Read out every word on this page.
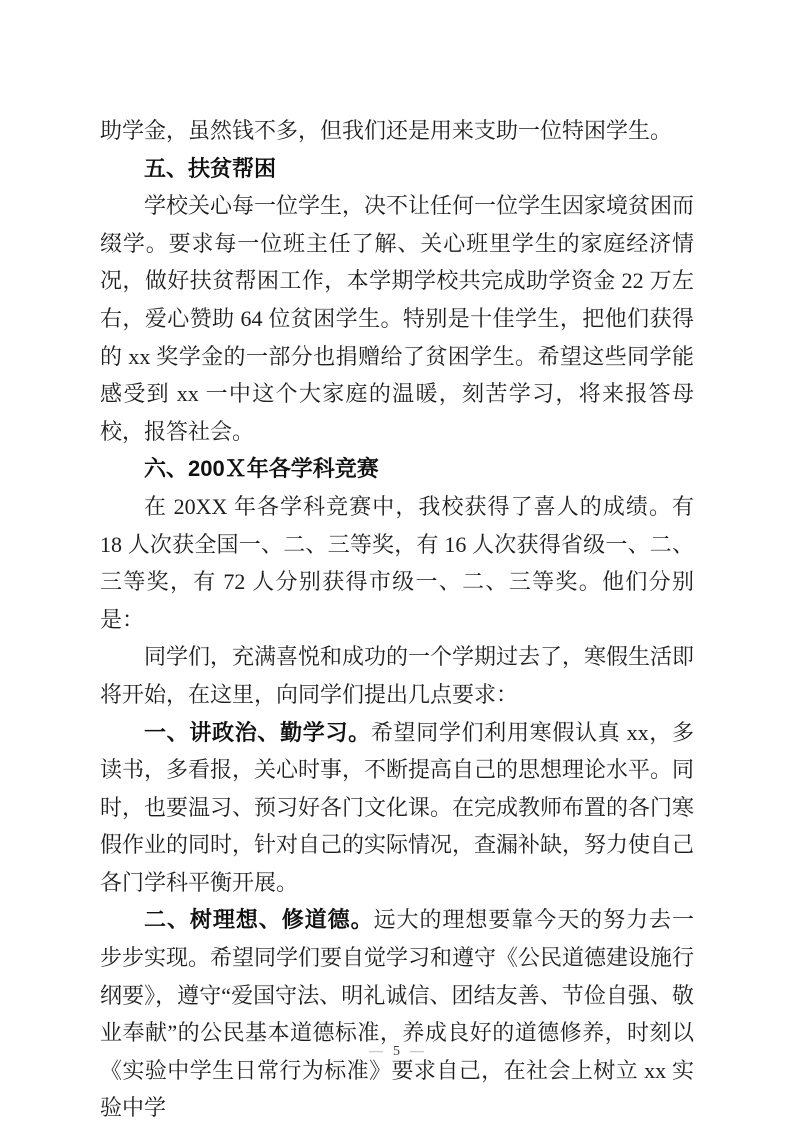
助学金，虽然钱不多，但我们还是用来支助一位特困学生。

五、扶贫帮困

学校关心每一位学生，决不让任何一位学生因家境贫困而缀学。要求每一位班主任了解、关心班里学生的家庭经济情况，做好扶贫帮困工作，本学期学校共完成助学资金 22 万左右，爱心赞助 64 位贫困学生。特别是十佳学生，把他们获得的 xx 奖学金的一部分也捐赠给了贫困学生。希望这些同学能感受到 xx 一中这个大家庭的温暖，刻苦学习，将来报答母校，报答社会。

六、200Ｘ年各学科竞赛

在 20XX 年各学科竞赛中，我校获得了喜人的成绩。有 18 人次获全国一、二、三等奖，有 16 人次获得省级一、二、三等奖，有 72 人分别获得市级一、二、三等奖。他们分别是：

同学们，充满喜悦和成功的一个学期过去了，寒假生活即将开始，在这里，向同学们提出几点要求：

一、讲政治、勤学习。希望同学们利用寒假认真 xx，多读书，多看报，关心时事，不断提高自己的思想理论水平。同时，也要温习、预习好各门文化课。在完成教师布置的各门寒假作业的同时，针对自己的实际情况，查漏补缺，努力使自己各门学科平衡开展。

二、树理想、修道德。远大的理想要靠今天的努力去一步步实现。希望同学们要自觉学习和遵守《公民道德建设施行纲要》，遵守“爱国守法、明礼诚信、团结友善、节俭自强、敬业奉献”的公民基本道德标准，养成良好的道德修养，时刻以《实验中学生日常行为标准》要求自己，在社会上树立 xx 实验中学

— 5 —
